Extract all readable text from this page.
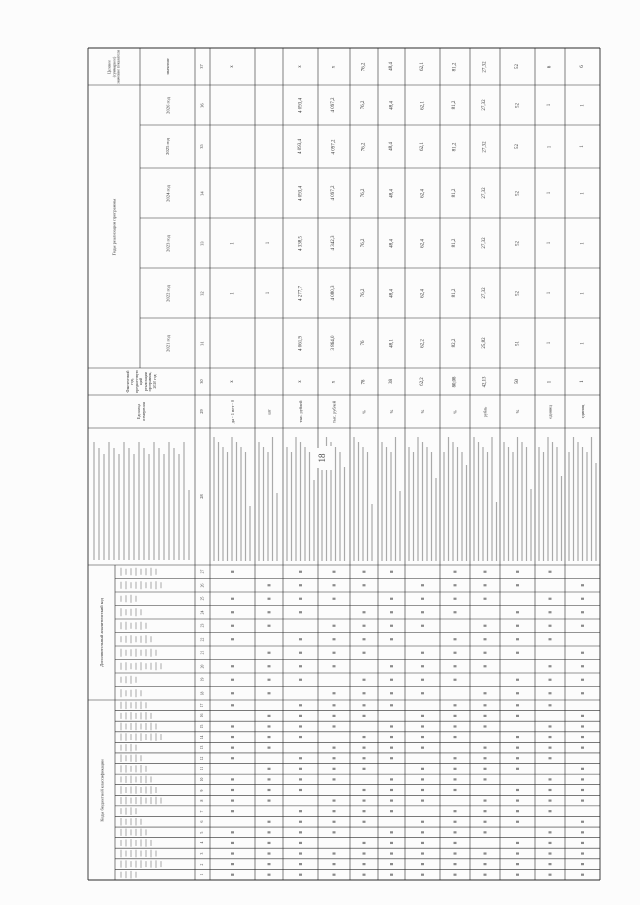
Дополнительный аналитический код
Коды бюджетной классификации
Единица измерения
Фактический год, предшествующий реализации программы, 2020 год
Годы реализации программы
2021 год
2022 год
2023 год
2024 год
2025 год
2026 год
Целевое (суммарное) значение показателя	значение
1
2
3
4
5
6
7
8
9
10
11
12
13
14
15
16
17
18
19
20
21
22
23
24
25
26
27
28
29
30
31
32
33
34
35
36
37
да - 1 нет - 0
х
1
1
х
шт
1
1
тыс. рублей
х
4 061,9
4 277,7
4 338,5
4 093,4
4 093,4
4 093,4
х
тыс. рублей
х
3 864,0
4 080,3
4 342,3
4 097,2
4 097,2
4 097,2
х
%
78
76
76,2
76,2
76,2
76,2
76,2
76,2
%
38
48,1
48,4
48,4
48,4
48,4
48,4
48,4
%
62,2
62,2
62,4
62,4
62,4
62,1
62,1
62,1
%
80,08
82,2
81,2
81,2
81,2
81,2
81,2
81,2
рубль
42,13
25,82
27,32
27,32
27,32
27,32
27,32
27,32
%
50
51
52
52
52
52
52
52
единиц
1
1
1
1
1
1
1
6
единиц
1
1
1
1
1
1
1
6
18
